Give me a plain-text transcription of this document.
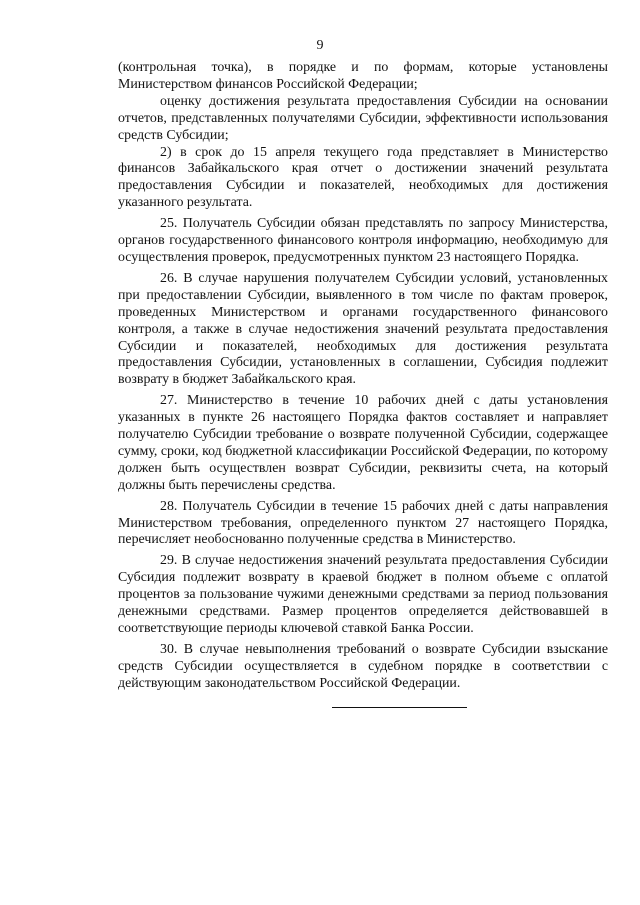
9

(контрольная точка), в порядке и по формам, которые установлены Министерством финансов Российской Федерации;

оценку достижения результата предоставления Субсидии на основании отчетов, представленных получателями Субсидии, эффективности использования средств Субсидии;

2) в срок до 15 апреля текущего года представляет в Министерство финансов Забайкальского края отчет о достижении значений результата предоставления Субсидии и показателей, необходимых для достижения указанного результата.

25. Получатель Субсидии обязан представлять по запросу Министерства, органов государственного финансового контроля информацию, необходимую для осуществления проверок, предусмотренных пунктом 23 настоящего Порядка.

26. В случае нарушения получателем Субсидии условий, установленных при предоставлении Субсидии, выявленного в том числе по фактам проверок, проведенных Министерством и органами государственного финансового контроля, а также в случае недостижения значений результата предоставления Субсидии и показателей, необходимых для достижения результата предоставления Субсидии, установленных в соглашении, Субсидия подлежит возврату в бюджет Забайкальского края.

27. Министерство в течение 10 рабочих дней с даты установления указанных в пункте 26 настоящего Порядка фактов составляет и направляет получателю Субсидии требование о возврате полученной Субсидии, содержащее сумму, сроки, код бюджетной классификации Российской Федерации, по которому должен быть осуществлен возврат Субсидии, реквизиты счета, на который должны быть перечислены средства.

28. Получатель Субсидии в течение 15 рабочих дней с даты направления Министерством требования, определенного пунктом 27 настоящего Порядка, перечисляет необоснованно полученные средства в Министерство.

29. В случае недостижения значений результата предоставления Субсидии Субсидия подлежит возврату в краевой бюджет в полном объеме с оплатой процентов за пользование чужими денежными средствами за период пользования денежными средствами. Размер процентов определяется действовавшей в соответствующие периоды ключевой ставкой Банка России.

30. В случае невыполнения требований о возврате Субсидии взыскание средств Субсидии осуществляется в судебном порядке в соответствии с действующим законодательством Российской Федерации.
